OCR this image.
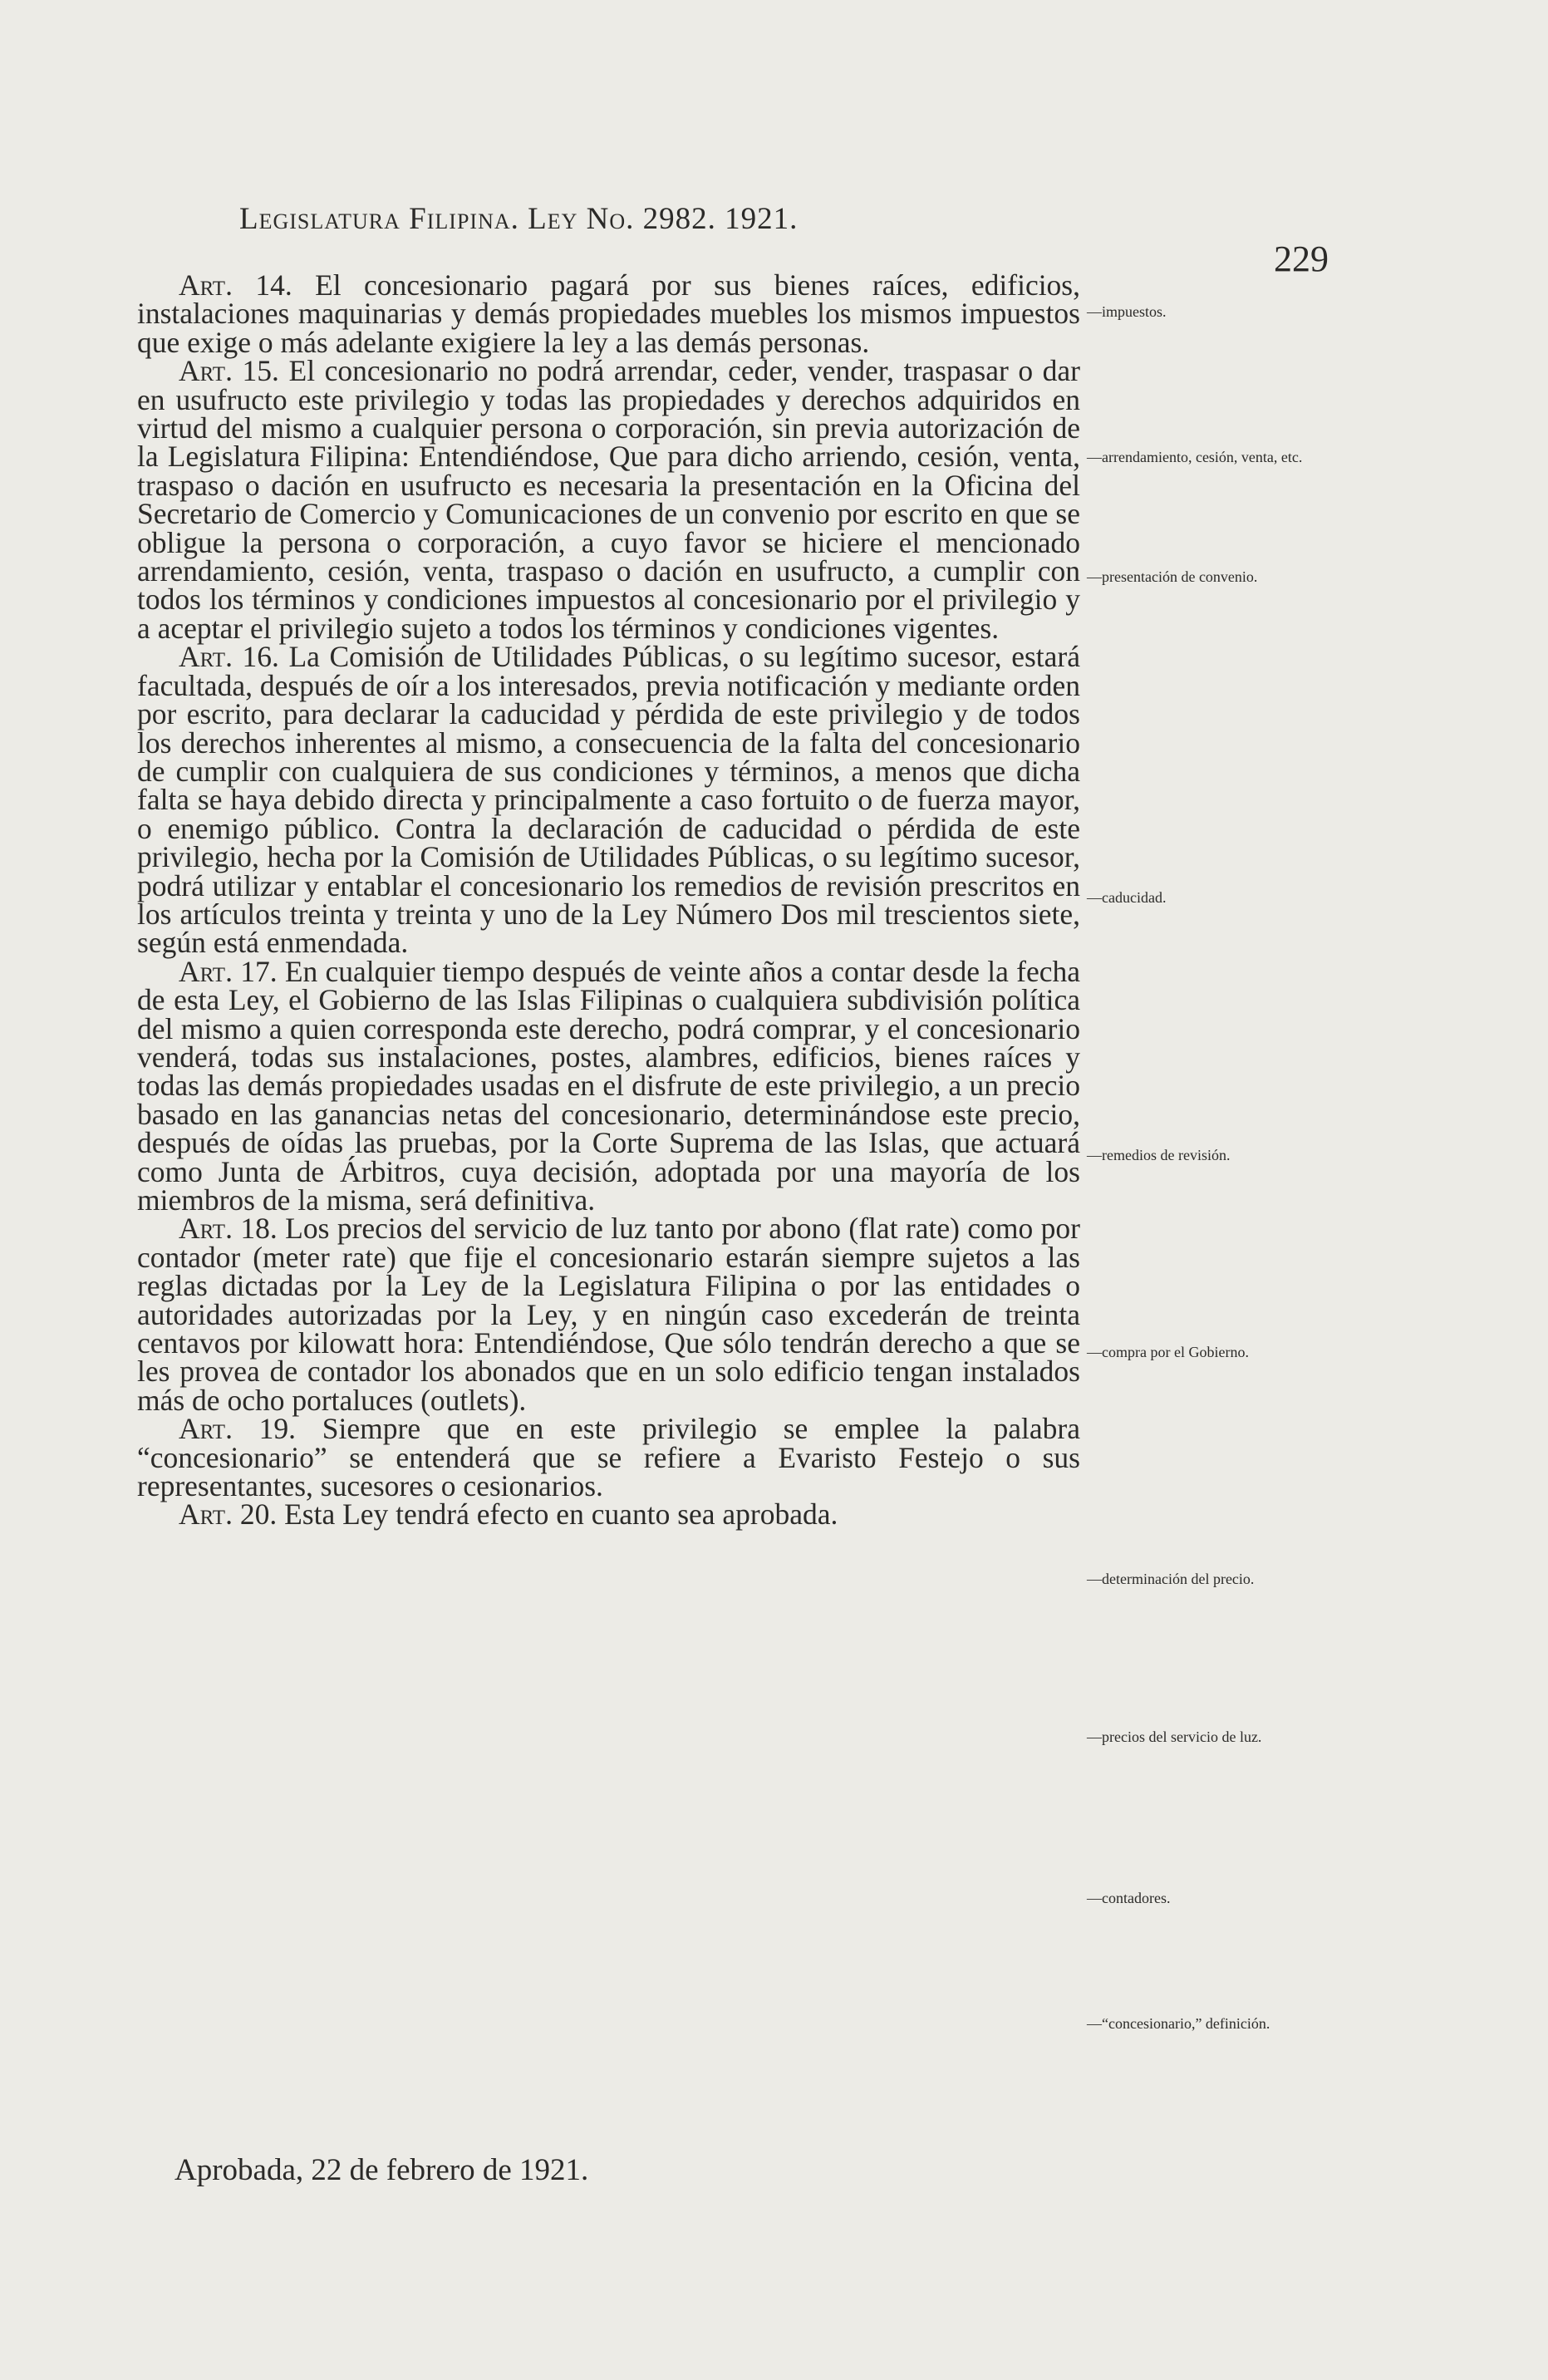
Legislatura Filipina. Ley No. 2982. 1921.
229

Art. 14. El concesionario pagará por sus bienes raíces, edificios, instalaciones maquinarias y demás propiedades muebles los mismos impuestos que exige o más adelante exigiere la ley a las demás personas.

Art. 15. El concesionario no podrá arrendar, ceder, vender, traspasar o dar en usufructo este privilegio y todas las propiedades y derechos adquiridos en virtud del mismo a cualquier persona o corporación, sin previa autorización de la Legislatura Filipina: Entendiéndose, Que para dicho arriendo, cesión, venta, traspaso o dación en usufructo es necesaria la presentación en la Oficina del Secretario de Comercio y Comunicaciones de un convenio por escrito en que se obligue la persona o corporación, a cuyo favor se hiciere el mencionado arrendamiento, cesión, venta, traspaso o dación en usufructo, a cumplir con todos los términos y condiciones impuestos al concesionario por el privilegio y a aceptar el privilegio sujeto a todos los términos y condiciones vigentes.

Art. 16. La Comisión de Utilidades Públicas, o su legítimo sucesor, estará facultada, después de oír a los interesados, previa notificación y mediante orden por escrito, para declarar la caducidad y pérdida de este privilegio y de todos los derechos inherentes al mismo, a consecuencia de la falta del concesionario de cumplir con cualquiera de sus condiciones y términos, a menos que dicha falta se haya debido directa y principalmente a caso fortuito o de fuerza mayor, o enemigo público. Contra la declaración de caducidad o pérdida de este privilegio, hecha por la Comisión de Utilidades Públicas, o su legítimo sucesor, podrá utilizar y entablar el concesionario los remedios de revisión prescritos en los artículos treinta y treinta y uno de la Ley Número Dos mil trescientos siete, según está enmendada.

Art. 17. En cualquier tiempo después de veinte años a contar desde la fecha de esta Ley, el Gobierno de las Islas Filipinas o cualquiera subdivisión política del mismo a quien corresponda este derecho, podrá comprar, y el concesionario venderá, todas sus instalaciones, postes, alambres, edificios, bienes raíces y todas las demás propiedades usadas en el disfrute de este privilegio, a un precio basado en las ganancias netas del concesionario, determinándose este precio, después de oídas las pruebas, por la Corte Suprema de las Islas, que actuará como Junta de Árbitros, cuya decisión, adoptada por una mayoría de los miembros de la misma, será definitiva.

Art. 18. Los precios del servicio de luz tanto por abono (flat rate) como por contador (meter rate) que fije el concesionario estarán siempre sujetos a las reglas dictadas por la Ley de la Legislatura Filipina o por las entidades o autoridades autorizadas por la Ley, y en ningún caso excederán de treinta centavos por kilowatt hora: Entendiéndose, Que sólo tendrán derecho a que se les provea de contador los abonados que en un solo edificio tengan instalados más de ocho portaluces (outlets).

Art. 19. Siempre que en este privilegio se emplee la palabra “concesionario” se entenderá que se refiere a Evaristo Festejo o sus representantes, sucesores o cesionarios.

Art. 20. Esta Ley tendrá efecto en cuanto sea aprobada.

Aprobada, 22 de febrero de 1921.
—impuestos.
—arrendamiento, cesión, venta, etc.
—presentación de convenio.
—caducidad.
—remedios de revisión.
—compra por el Gobierno.
—determinación del precio.
—precios del servicio de luz.
—contadores.
—“concesionario,” definición.
